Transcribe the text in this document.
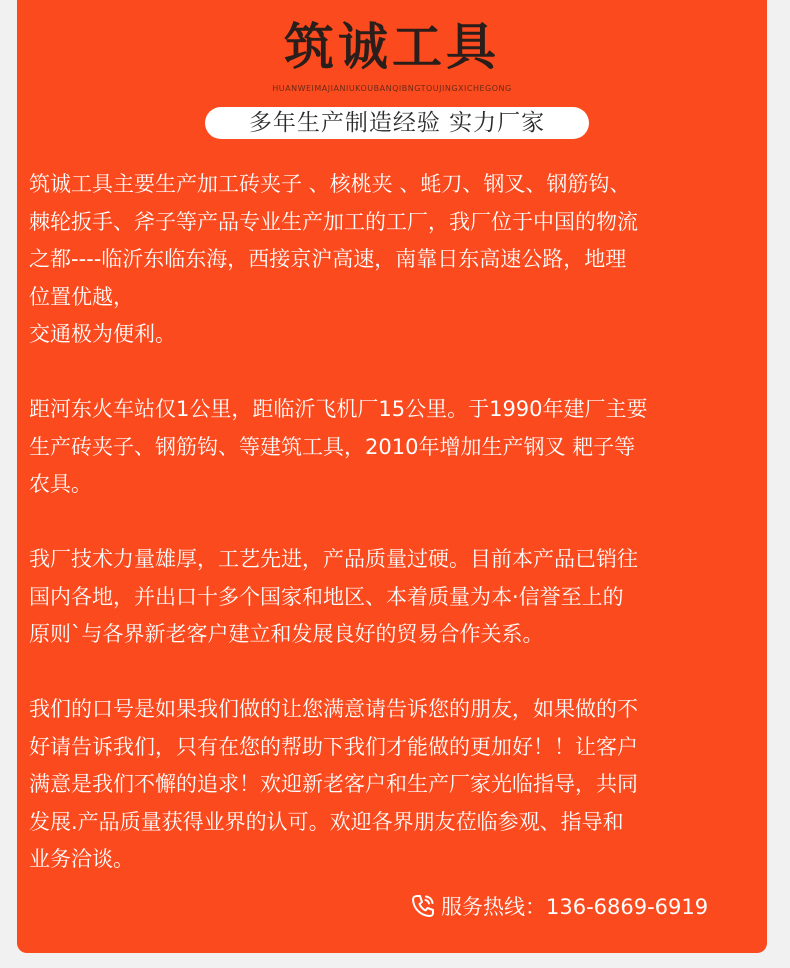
筑诚工具
HUANWEIMAJIANIUKOUBANQIBNGTOUJINGXICHEGONG
多年生产制造经验 实力厂家

筑诚工具主要生产加工砖夹子 、核桃夹 、蚝刀、钢叉、钢筋钩、
棘轮扳手、斧子等产品专业生产加工的工厂，我厂位于中国的物流
之都----临沂东临东海，西接京沪高速，南靠日东高速公路，地理
位置优越，
交通极为便利。

距河东火车站仅1公里，距临沂飞机厂15公里。于1990年建厂主要
生产砖夹子、钢筋钩、等建筑工具，2010年增加生产钢叉 耙子等
农具。

我厂技术力量雄厚，工艺先进，产品质量过硬。目前本产品已销往
国内各地，并出口十多个国家和地区、本着质量为本·信誉至上的
原则`与各界新老客户建立和发展良好的贸易合作关系。

我们的口号是如果我们做的让您满意请告诉您的朋友，如果做的不
好请告诉我们，只有在您的帮助下我们才能做的更加好！！让客户
满意是我们不懈的追求！欢迎新老客户和生产厂家光临指导，共同
发展.产品质量获得业界的认可。欢迎各界朋友莅临参观、指导和
业务洽谈。

服务热线：136-6869-6919
